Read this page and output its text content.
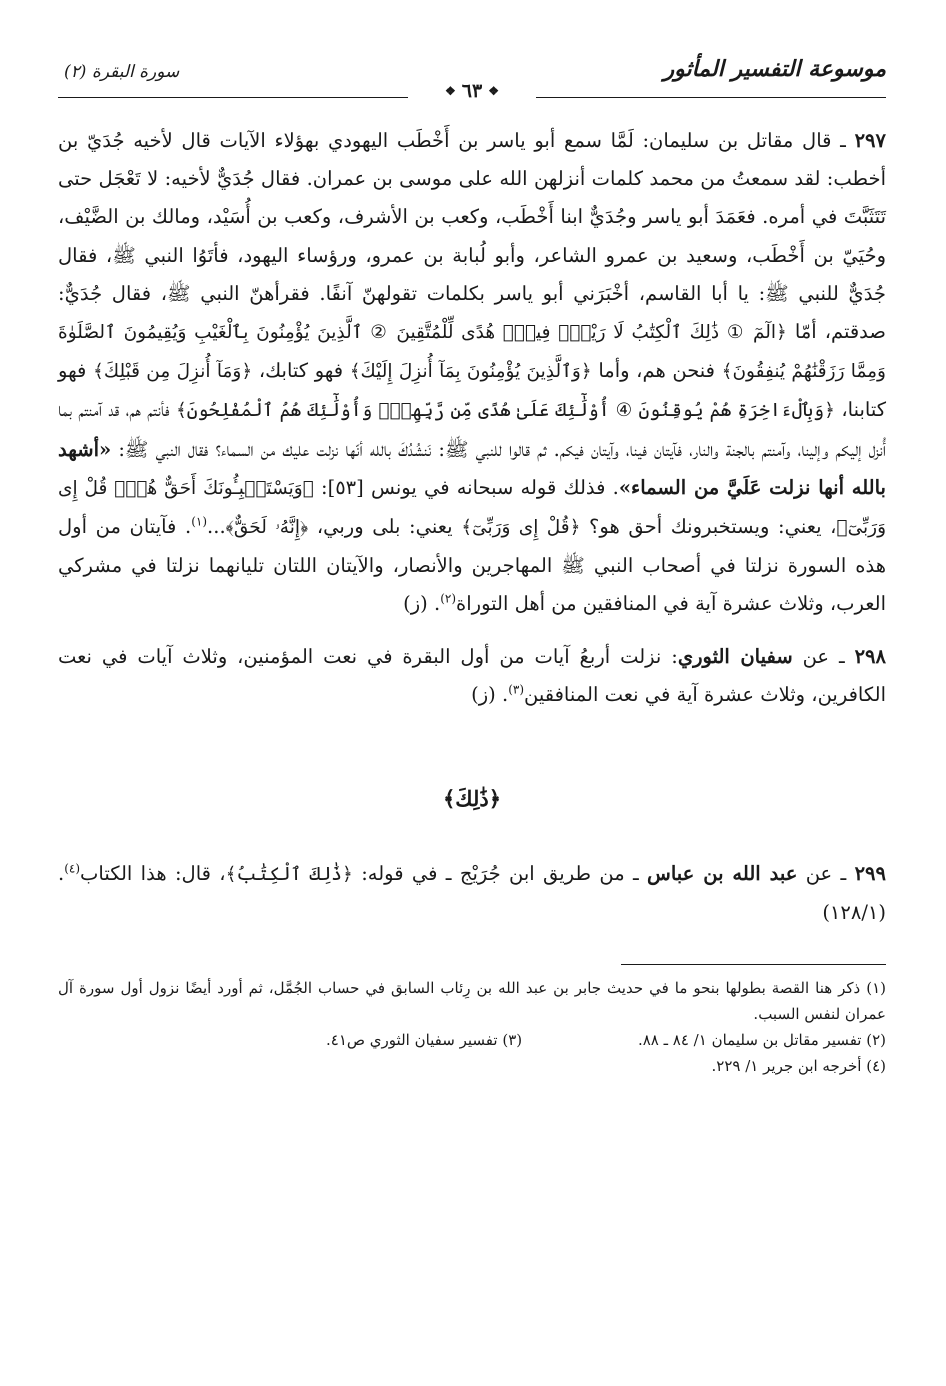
موسوعة التفسير المأثور
سورة البقرة (٢)
❖
٦٣
❖

٢٩٧ ـ قال مقاتل بن سليمان: لَمَّا سمع أبو ياسر بن أَخْطَب اليهودي بهؤلاء الآيات قال لأخيه جُدَيّ بن أخطب: لقد سمعتُ من محمد كلمات أنزلهن الله على موسى بن عمران. فقال جُدَيٌّ لأخيه: لا تَعْجَل حتى تَتَثَبَّتَ في أمره. فعَمَدَ أبو ياسر وجُدَيٌّ ابنا أَخْطَب، وكعب بن الأشرف، وكعب بن أُسَيْد، ومالك بن الضَّيْف، وحُيَيّ بن أَخْطَب، وسعيد بن عمرو الشاعر، وأبو لُبابة بن عمرو، ورؤساء اليهود، فأتَوُا النبي ﷺ، فقال جُدَيٌّ للنبي ﷺ: يا أبا القاسم، أخْبَرَني أبو ياسر بكلمات تقولهنّ آنفًا. فقرأهنّ النبي ﷺ، فقال جُدَيٌّ: صدقتم، أمّا ﴿الٓمٓ ① ذَٰلِكَ ٱلْكِتَٰبُ لَا رَيْبَۛ فِيهِۛ هُدًى لِّلْمُتَّقِينَ ② ٱلَّذِينَ يُؤْمِنُونَ بِٱلْغَيْبِ وَيُقِيمُونَ ٱلصَّلَوٰةَ وَمِمَّا رَزَقْنَٰهُمْ يُنفِقُونَ﴾ فنحن هم، وأما ﴿وَٱلَّذِينَ يُؤْمِنُونَ بِمَآ أُنزِلَ إِلَيْكَ﴾ فهو كتابك، ﴿وَمَآ أُنزِلَ مِن قَبْلِكَ﴾ فهو كتابنا، ﴿وَبِٱلْءَاخِرَةِ هُمْ يُوقِنُونَ ④ أُوْلَٰٓئِكَ عَلَىٰ هُدًى مِّن رَّبِّهِمْۖ وَأُوْلَٰٓئِكَ هُمُ ٱلْمُفْلِحُونَ﴾ فأنتم هم، قد آمنتم بما أُنزل إليكم وإلينا، وآمنتم بالجنة والنار، فآيتان فينا، وآيتان فيكم. ثم قالوا للنبي ﷺ: نَنشُدُكَ بالله أنّها نزلت عليك من السماء؟ فقال النبي ﷺ: «أشهد بالله أنها نزلت عَلَيَّ من السماء». فذلك قوله سبحانه في يونس [٥٣]: ﴿وَيَسْتَنۢبِـُٔونَكَ أَحَقٌّ هُوَۖ قُلْ إِى وَرَبِّىٓ﴾، يعني: ويستخبرونك أحق هو؟ ﴿قُلْ إِى وَرَبِّىٓ﴾ يعني: بلى وربي، ﴿إِنَّهُۥ لَحَقٌّ﴾...$^{(١)}$. فآيتان من أول هذه السورة نزلتا في أصحاب النبي ﷺ المهاجرين والأنصار، والآيتان اللتان تليانهما نزلتا في مشركي العرب، وثلاث عشرة آية في المنافقين من أهل التوراة$^{(٢)}$. (ز)

٢٩٨ ـ عن سفيان الثوري: نزلت أربعُ آيات من أول البقرة في نعت المؤمنين، وثلاث آيات في نعت الكافرين، وثلاث عشرة آية في نعت المنافقين$^{(٣)}$. (ز)

﴿ذَٰلِكَ﴾

٢٩٩ ـ عن عبد الله بن عباس ـ من طريق ابن جُرَيْج ـ في قوله: ﴿ذَٰلِكَ ٱلْكِتَٰبُ﴾، قال: هذا الكتاب$^{(٤)}$. (١٢٨/١)

(١) ذكر هنا القصة بطولها بنحو ما في حديث جابر بن عبد الله بن رِئاب السابق في حساب الجُمَّل، ثم أورد أيضًا نزول أول سورة آل عمران لنفس السبب.

(٢) تفسير مقاتل بن سليمان ١/ ٨٤ ـ ٨٨.
(٣) تفسير سفيان الثوري ص٤١.

(٤) أخرجه ابن جرير ١/ ٢٢٩.
